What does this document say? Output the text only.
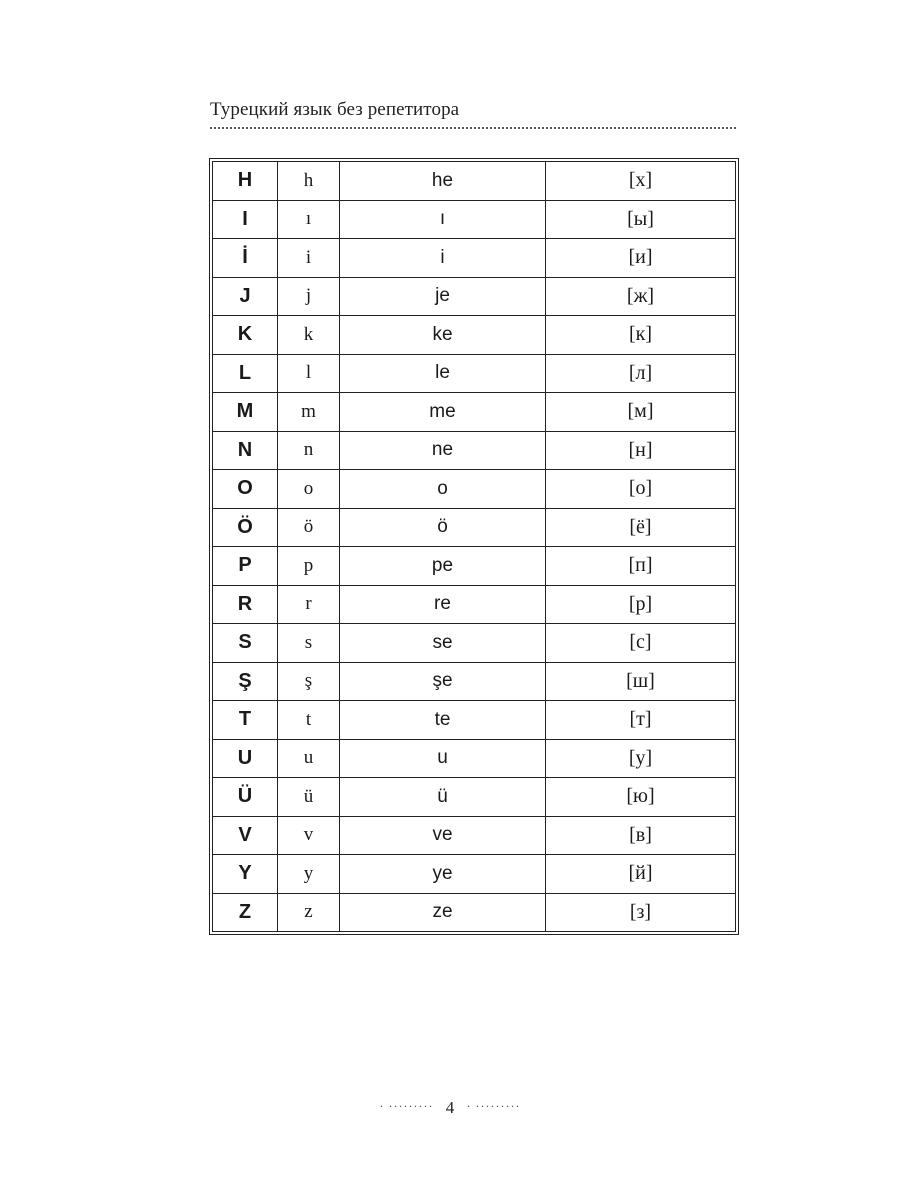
Турецкий язык без репетитора
H	h	he	[х]
I	ı	ı	[ы]
İ	i	i	[и]
J	j	je	[ж]
K	k	ke	[к]
L	l	le	[л]
M	m	me	[м]
N	n	ne	[н]
O	o	o	[о]
Ö	ö	ö	[ё]
P	p	pe	[п]
R	r	re	[р]
S	s	se	[с]
Ş	ş	şe	[ш]
T	t	te	[т]
U	u	u	[у]
Ü	ü	ü	[ю]
V	v	ve	[в]
Y	y	ye	[й]
Z	z	ze	[з]
· ········· 4 · ·········
